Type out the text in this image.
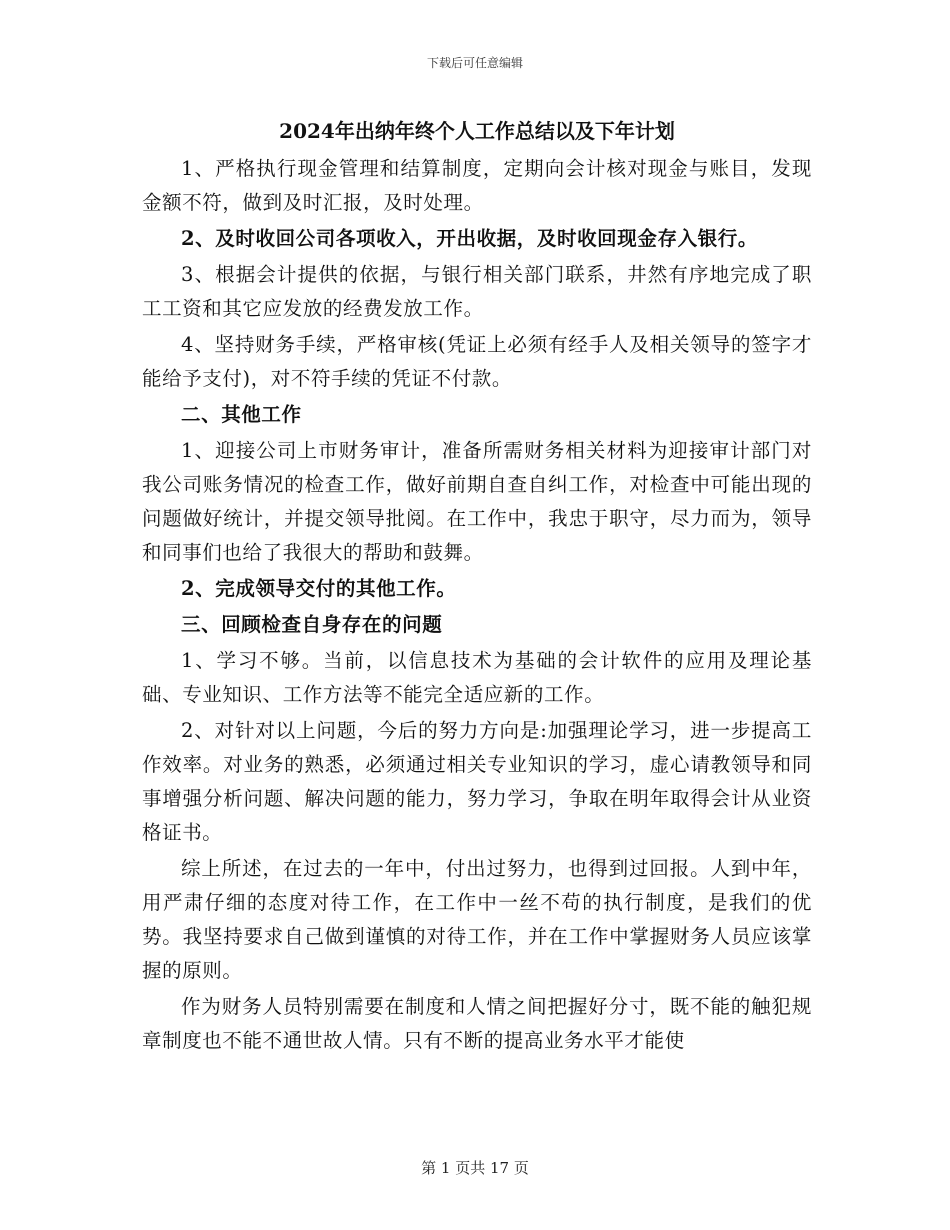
下载后可任意编辑
2024年出纳年终个人工作总结以及下年计划

1、严格执行现金管理和结算制度，定期向会计核对现金与账目，发现金额不符，做到及时汇报，及时处理。

2、及时收回公司各项收入，开出收据，及时收回现金存入银行。

3、根据会计提供的依据，与银行相关部门联系，井然有序地完成了职工工资和其它应发放的经费发放工作。

4、坚持财务手续，严格审核(凭证上必须有经手人及相关领导的签字才能给予支付)，对不符手续的凭证不付款。

二、其他工作

1、迎接公司上市财务审计，准备所需财务相关材料为迎接审计部门对我公司账务情况的检查工作，做好前期自查自纠工作，对检查中可能出现的问题做好统计，并提交领导批阅。在工作中，我忠于职守，尽力而为，领导和同事们也给了我很大的帮助和鼓舞。

2、完成领导交付的其他工作。

三、回顾检查自身存在的问题

1、学习不够。当前，以信息技术为基础的会计软件的应用及理论基础、专业知识、工作方法等不能完全适应新的工作。

2、对针对以上问题，今后的努力方向是:加强理论学习，进一步提高工作效率。对业务的熟悉，必须通过相关专业知识的学习，虚心请教领导和同事增强分析问题、解决问题的能力，努力学习，争取在明年取得会计从业资格证书。

综上所述，在过去的一年中，付出过努力，也得到过回报。人到中年，用严肃仔细的态度对待工作，在工作中一丝不苟的执行制度，是我们的优势。我坚持要求自己做到谨慎的对待工作，并在工作中掌握财务人员应该掌握的原则。

作为财务人员特别需要在制度和人情之间把握好分寸，既不能的触犯规章制度也不能不通世故人情。只有不断的提高业务水平才能使

第 1 页共 17 页
